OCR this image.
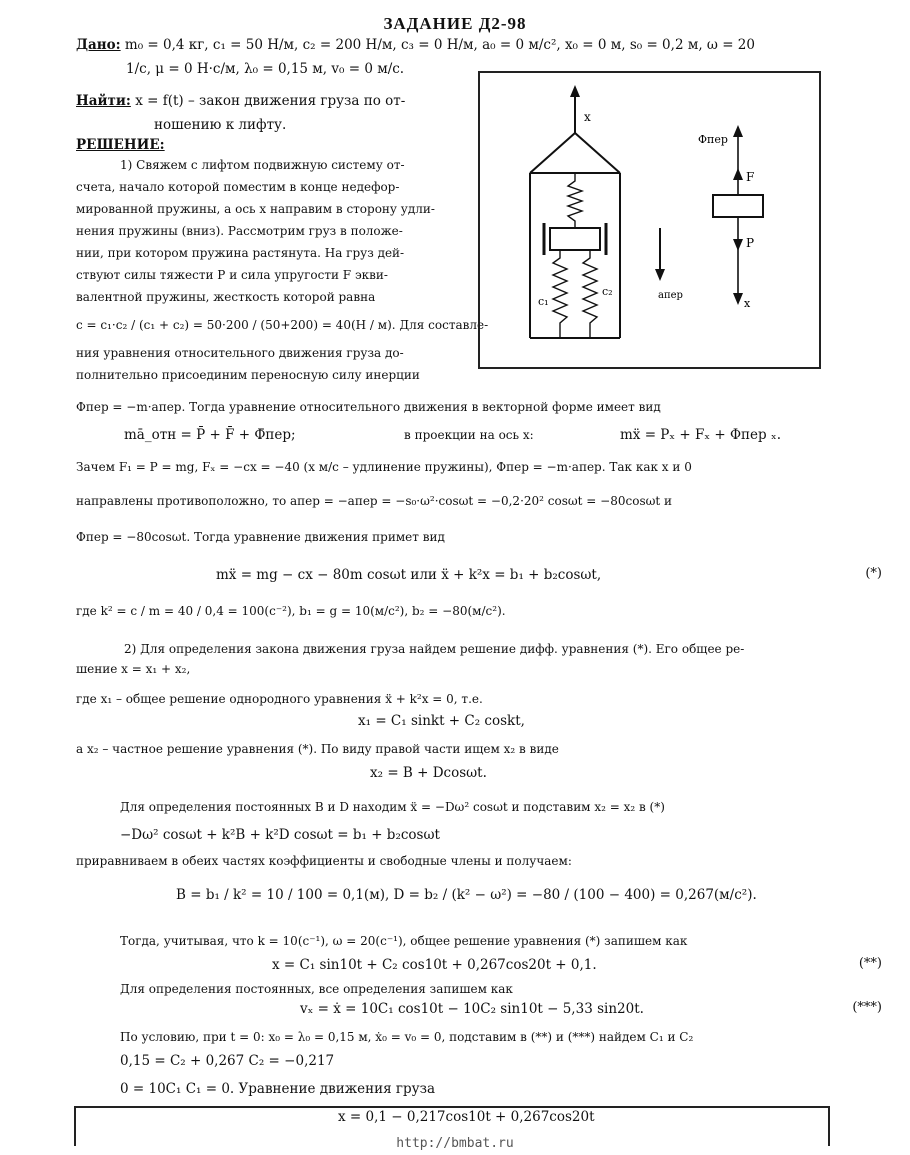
ЗАДАНИЕ Д2-98
Дано: m₀ = 0,4 кг, c₁ = 50 Н/м, c₂ = 200 Н/м, c₃ = 0 Н/м, a₀ = 0 м/с², x₀ = 0 м, s₀ = 0,2 м, ω = 20
1/с, μ = 0 Н·с/м, λ₀ = 0,15 м, v₀ = 0 м/с.
Найти: x = f(t) – закон движения груза по от-
ношению к лифту.
РЕШЕНИЕ:
1) Свяжем с лифтом подвижную систему от-
счета, начало которой поместим в конце недефор-
мированной пружины, а ось x направим в сторону удли-
нения пружины (вниз). Рассмотрим груз в положе-
нии, при котором пружина растянута. На груз дей-
ствуют силы тяжести P и сила упругости F экви-
валентной пружины, жесткость которой равна
c = c₁·c₂ / (c₁ + c₂) = 50·200 / (50+200) = 40(Н / м). Для составле-
ния уравнения относительного движения груза до-
полнительно присоединим переносную силу инерции
x
c₁
c₂	aпер
Φпер
F
P
x
Φпер = −m·aпер. Тогда уравнение относительного движения в векторной форме имеет вид
mā_отн = P̄ + F̄ + Φ̄пер;	в проекции на ось x:	mẍ = Pₓ + Fₓ + Φпер ₓ.
Зачем F₁ = P = mg, Fₓ = −cx = −40 (x м/с – удлинение пружины), Φпер = −m·aпер. Так как x и 0
направлены противоположно, то aпер = −aпер = −s₀·ω²·cosωt = −0,2·20² cosωt = −80cosωt и
Φпер = −80cosωt. Тогда уравнение движения примет вид
mẍ = mg − cx − 80m cosωt или ẍ + k²x = b₁ + b₂cosωt,	(*)
где k² = c / m = 40 / 0,4 = 100(с⁻²), b₁ = g = 10(м/с²), b₂ = −80(м/с²).
2) Для определения закона движения груза найдем решение дифф. уравнения (*). Его общее ре-
шение x = x₁ + x₂,
где x₁ – общее решение однородного уравнения ẍ + k²x = 0, т.е.
x₁ = C₁ sinkt + C₂ coskt,
а x₂ – частное решение уравнения (*). По виду правой части ищем x₂ в виде
x₂ = B + Dcosωt.
Для определения постоянных B и D находим ẍ = −Dω² cosωt и подставим x₂ = x₂ в (*)
−Dω² cosωt + k²B + k²D cosωt = b₁ + b₂cosωt
приравниваем в обеих частях коэффициенты и свободные члены и получаем:
B = b₁ / k² = 10 / 100 = 0,1(м), D = b₂ / (k² − ω²) = −80 / (100 − 400) = 0,267(м/с²).
Тогда, учитывая, что k = 10(с⁻¹), ω = 20(с⁻¹), общее решение уравнения (*) запишем как
x = C₁ sin10t + C₂ cos10t + 0,267cos20t + 0,1.	(**)
Для определения постоянных, все определения запишем как
vₓ = ẋ = 10C₁ cos10t − 10C₂ sin10t − 5,33 sin20t.	(***)
По условию, при t = 0: x₀ = λ₀ = 0,15 м, ẋ₀ = v₀ = 0, подставим в (**) и (***) найдем C₁ и C₂
0,15 = C₂ + 0,267 C₂ = −0,217
0 = 10C₁ C₁ = 0. Уравнение движения груза
x = 0,1 − 0,217cos10t + 0,267cos20t
http://bmbat.ru
